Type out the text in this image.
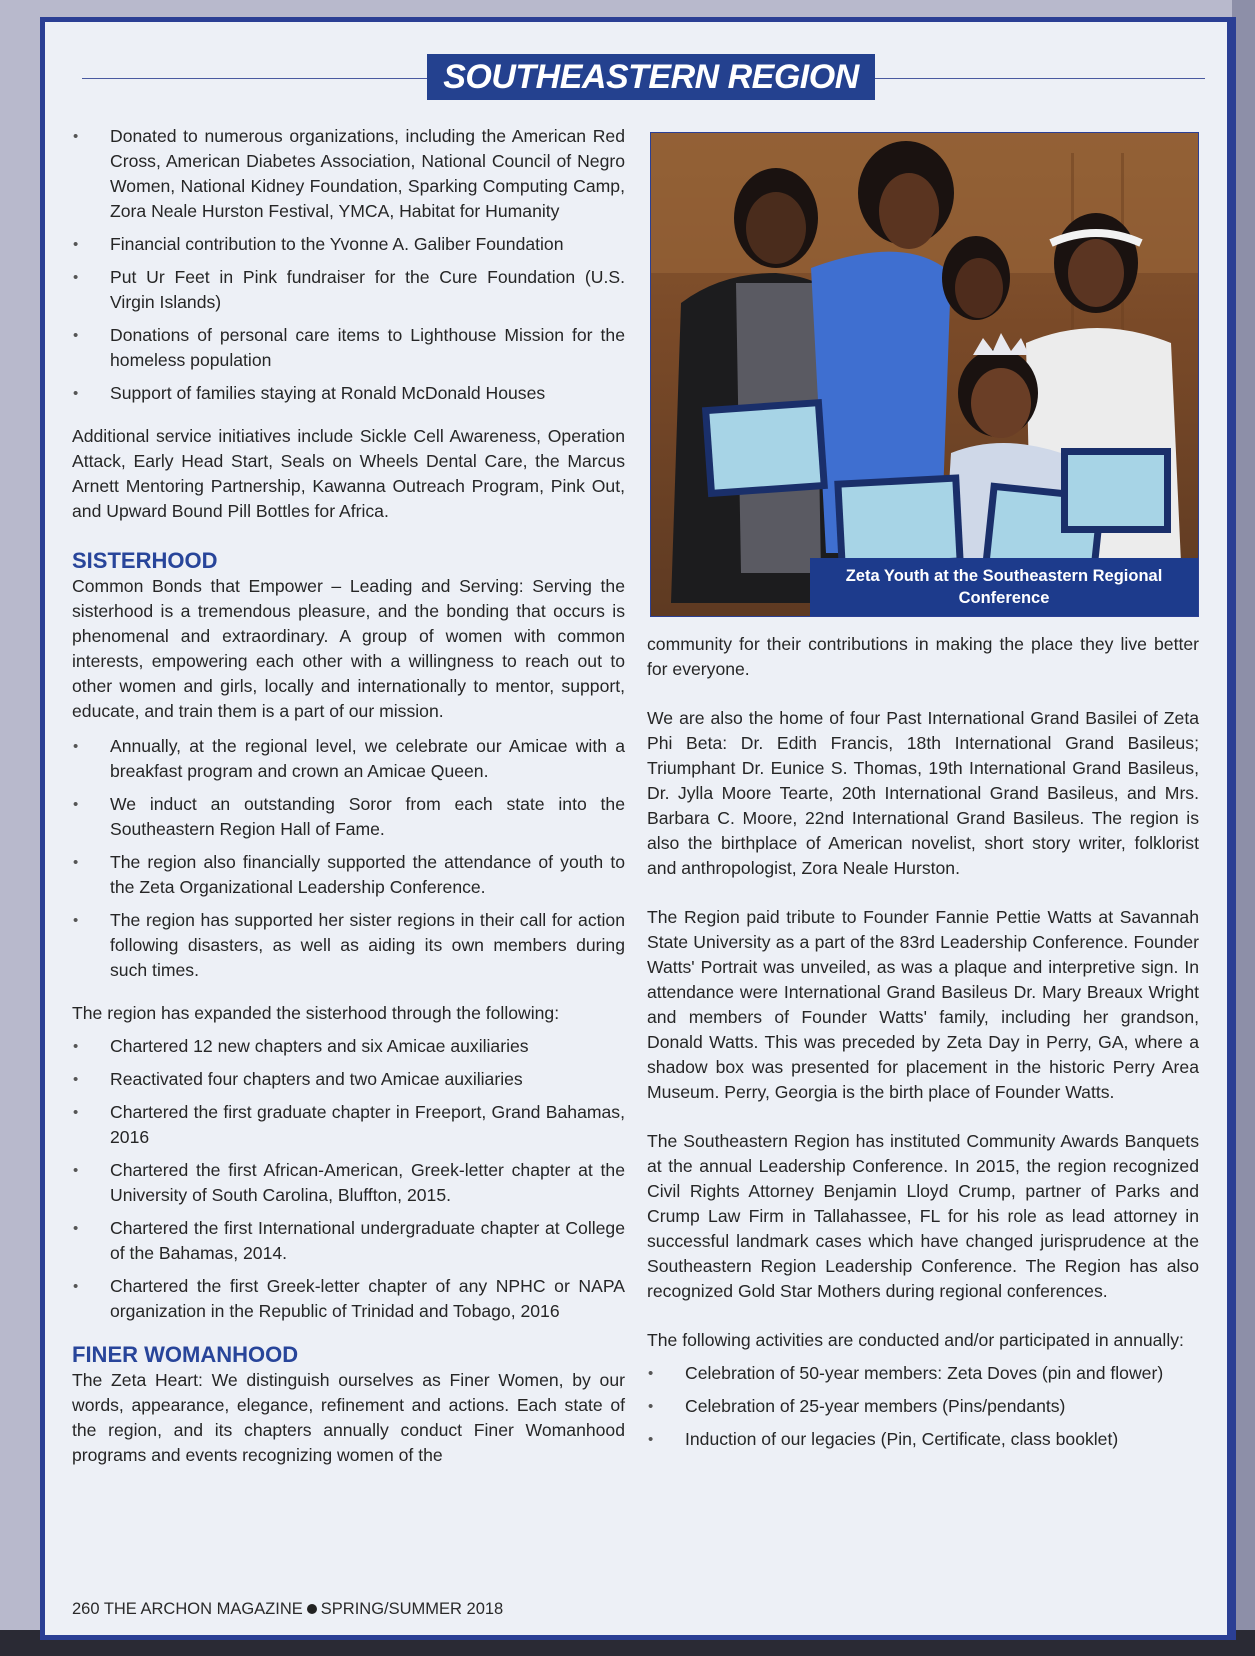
SOUTHEASTERN REGION
• Donated to numerous organizations, including the American Red Cross, American Diabetes Association, National Council of Negro Women, National Kidney Foundation, Sparking Computing Camp, Zora Neale Hurston Festival, YMCA, Habitat for Humanity
• Financial contribution to the Yvonne A. Galiber Foundation
• Put Ur Feet in Pink fundraiser for the Cure Foundation (U.S. Virgin Islands)
• Donations of personal care items to Lighthouse Mission for the homeless population
• Support of families staying at Ronald McDonald Houses

Additional service initiatives include Sickle Cell Awareness, Operation Attack, Early Head Start, Seals on Wheels Dental Care, the Marcus Arnett Mentoring Partnership, Kawanna Outreach Program, Pink Out, and Upward Bound Pill Bottles for Africa.

SISTERHOOD

Common Bonds that Empower – Leading and Serving: Serving the sisterhood is a tremendous pleasure, and the bonding that occurs is phenomenal and extraordinary. A group of women with common interests, empowering each other with a willingness to reach out to other women and girls, locally and internationally to mentor, support, educate, and train them is a part of our mission.

• Annually, at the regional level, we celebrate our Amicae with a breakfast program and crown an Amicae Queen.
• We induct an outstanding Soror from each state into the Southeastern Region Hall of Fame.
• The region also financially supported the attendance of youth to the Zeta Organizational Leadership Conference.
• The region has supported her sister regions in their call for action following disasters, as well as aiding its own members during such times.

The region has expanded the sisterhood through the following:

• Chartered 12 new chapters and six Amicae auxiliaries
• Reactivated four chapters and two Amicae auxiliaries
• Chartered the first graduate chapter in Freeport, Grand Bahamas, 2016
• Chartered the first African-American, Greek-letter chapter at the University of South Carolina, Bluffton, 2015.
• Chartered the first International undergraduate chapter at College of the Bahamas, 2014.
• Chartered the first Greek-letter chapter of any NPHC or NAPA organization in the Republic of Trinidad and Tobago, 2016
FINER WOMANHOOD

The Zeta Heart: We distinguish ourselves as Finer Women, by our words, appearance, elegance, refinement and actions. Each state of the region, and its chapters annually conduct Finer Womanhood programs and events recognizing women of the

Zeta Youth at the Southeastern Regional Conference

community for their contributions in making the place they live better for everyone.

We are also the home of four Past International Grand Basilei of Zeta Phi Beta: Dr. Edith Francis, 18th International Grand Basileus; Triumphant Dr. Eunice S. Thomas, 19th International Grand Basileus, Dr. Jylla Moore Tearte, 20th International Grand Basileus, and Mrs. Barbara C. Moore, 22nd International Grand Basileus. The region is also the birthplace of American novelist, short story writer, folklorist and anthropologist, Zora Neale Hurston.

The Region paid tribute to Founder Fannie Pettie Watts at Savannah State University as a part of the 83rd Leadership Conference. Founder Watts' Portrait was unveiled, as was a plaque and interpretive sign. In attendance were International Grand Basileus Dr. Mary Breaux Wright and members of Founder Watts' family, including her grandson, Donald Watts. This was preceded by Zeta Day in Perry, GA, where a shadow box was presented for placement in the historic Perry Area Museum. Perry, Georgia is the birth place of Founder Watts.

The Southeastern Region has instituted Community Awards Banquets at the annual Leadership Conference. In 2015, the region recognized Civil Rights Attorney Benjamin Lloyd Crump, partner of Parks and Crump Law Firm in Tallahassee, FL for his role as lead attorney in successful landmark cases which have changed jurisprudence at the Southeastern Region Leadership Conference. The Region has also recognized Gold Star Mothers during regional conferences.

The following activities are conducted and/or participated in annually:

• Celebration of 50-year members: Zeta Doves (pin and flower)
• Celebration of 25-year members (Pins/pendants)
• Induction of our legacies (Pin, Certificate, class booklet)
260 THE ARCHON MAGAZINE SPRING/SUMMER 2018
